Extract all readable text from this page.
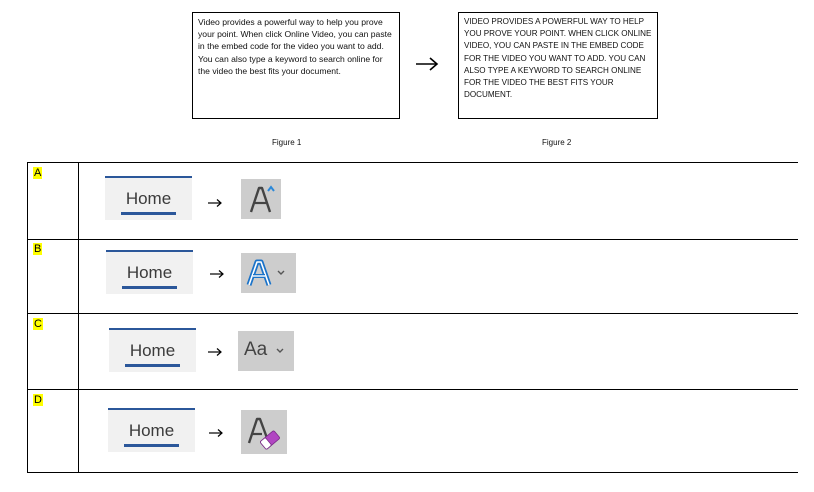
Video provides a powerful way to help you prove your point. When click Online Video, you can paste in the embed code for the video you want to add. You can also type a keyword to search online for the video the best fits your document.
VIDEO PROVIDES A POWERFUL WAY TO HELP YOU PROVE YOUR POINT. WHEN CLICK ONLINE VIDEO, YOU CAN PASTE IN THE EMBED CODE FOR THE VIDEO YOU WANT TO ADD. YOU CAN ALSO TYPE A KEYWORD TO SEARCH ONLINE FOR THE VIDEO THE BEST FITS YOUR DOCUMENT.
Figure 1	Figure 2
A
Home
B
Home
C
Home	Aa
D
Home
